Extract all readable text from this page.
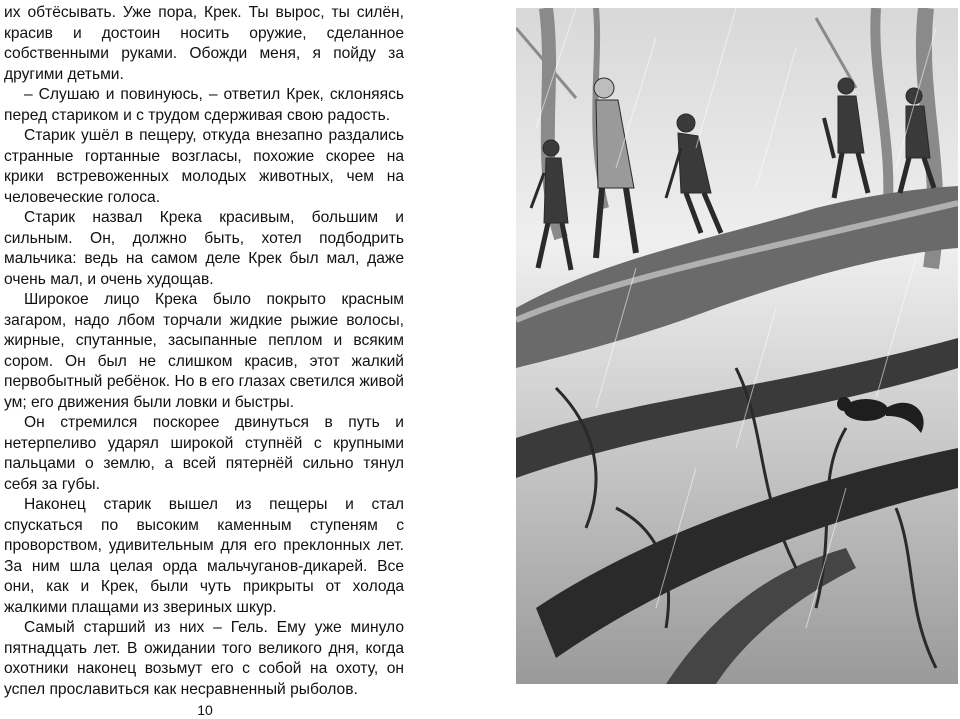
их обтёсывать. Уже пора, Крек. Ты вырос, ты силён, красив и достоин носить оружие, сделанное собственными руками. Обожди меня, я пойду за другими детьми.

– Слушаю и повинуюсь, – ответил Крек, склоняясь перед стариком и с трудом сдерживая свою радость.

Старик ушёл в пещеру, откуда внезапно раздались странные гортанные возгласы, похожие скорее на крики встревоженных молодых животных, чем на человеческие голоса.

Старик назвал Крека красивым, большим и сильным. Он, должно быть, хотел подбодрить мальчика: ведь на самом деле Крек был мал, даже очень мал, и очень худощав.

Широкое лицо Крека было покрыто красным загаром, надо лбом торчали жидкие рыжие волосы, жирные, спутанные, засыпанные пеплом и всяким сором. Он был не слишком красив, этот жалкий первобытный ребёнок. Но в его глазах светился живой ум; его движения были ловки и быстры.

Он стремился поскорее двинуться в путь и нетерпеливо ударял широкой ступнёй с крупными пальцами о землю, а всей пятернёй сильно тянул себя за губы.

Наконец старик вышел из пещеры и стал спускаться по высоким каменным ступеням с проворством, удивительным для его преклонных лет. За ним шла целая орда мальчуганов-дикарей. Все они, как и Крек, были чуть прикрыты от холода жалкими плащами из звериных шкур.

Самый старший из них – Гель. Ему уже минуло пятнадцать лет. В ожидании того великого дня, когда охотники наконец возьмут его с собой на охоту, он успел прославиться как несравненный рыболов.

10
